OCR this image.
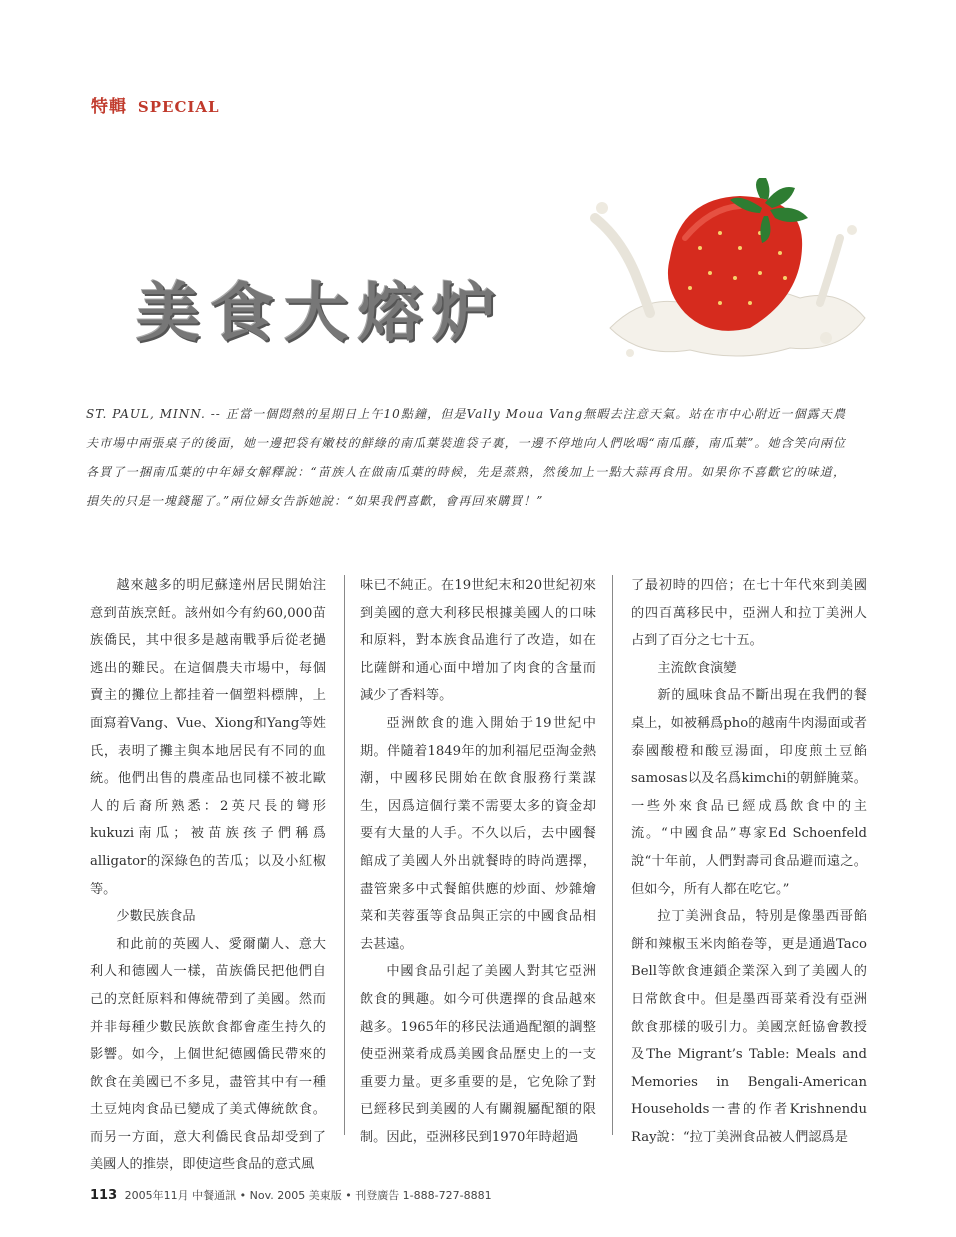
特輯 SPECIAL
美食大熔炉

ST. PAUL, MINN. -- 正當一個悶熱的星期日上午10點鐘，但是Vally Moua Vang無暇去注意天氣。站在市中心附近一個露天農夫市場中兩張桌子的後面，她一邊把袋有嫩枝的鮮綠的南瓜葉裝進袋子裏，一邊不停地向人們吆喝“南瓜藤，南瓜葉”。她含笑向兩位各買了一捆南瓜葉的中年婦女解釋說：“苗族人在做南瓜葉的時候，先是蒸熟，然後加上一點大蒜再食用。如果你不喜歡它的味道，損失的只是一塊錢罷了。”兩位婦女告訴她說：“如果我們喜歡，會再回來購買！”

越來越多的明尼蘇達州居民開始注意到苗族烹飪。該州如今有約60,000苗族僑民，其中很多是越南戰爭后從老撾逃出的難民。在這個農夫市場中，每個賣主的攤位上都挂着一個塑料標牌，上面寫着Vang、Vue、Xiong和Yang等姓氏，表明了攤主與本地居民有不同的血統。他們出售的農產品也同樣不被北歐人的后裔所熟悉：2英尺長的彎形kukuzi南瓜；被苗族孩子們稱爲alligator的深綠色的苦瓜；以及小紅椒等。

少數民族食品

和此前的英國人、愛爾蘭人、意大利人和德國人一樣，苗族僑民把他們自己的烹飪原料和傳統帶到了美國。然而并非每種少數民族飲食都會產生持久的影響。如今，上個世紀德國僑民帶來的飲食在美國已不多見，盡管其中有一種土豆炖肉食品已變成了美式傳統飲食。而另一方面，意大利僑民食品却受到了美國人的推崇，即使這些食品的意式風

味已不純正。在19世紀末和20世紀初來到美國的意大利移民根據美國人的口味和原料，對本族食品進行了改造，如在比薩餅和通心面中增加了肉食的含量而減少了香料等。

亞洲飲食的進入開始于19世紀中期。伴隨着1849年的加利福尼亞淘金熱潮，中國移民開始在飲食服務行業謀生，因爲這個行業不需要太多的資金却要有大量的人手。不久以后，去中國餐館成了美國人外出就餐時的時尚選擇，盡管衆多中式餐館供應的炒面、炒雜燴菜和芙蓉蛋等食品與正宗的中國食品相去甚遠。

中國食品引起了美國人對其它亞洲飲食的興趣。如今可供選擇的食品越來越多。1965年的移民法通過配額的調整使亞洲菜肴成爲美國食品歷史上的一支重要力量。更多重要的是，它免除了對已經移民到美國的人有關親屬配額的限制。因此，亞洲移民到1970年時超過

了最初時的四倍；在七十年代來到美國的四百萬移民中，亞洲人和拉丁美洲人占到了百分之七十五。

主流飲食演變

新的風味食品不斷出現在我們的餐桌上，如被稱爲pho的越南牛肉湯面或者泰國酸橙和酸豆湯面，印度煎土豆餡samosas以及名爲kimchi的朝鮮腌菜。一些外來食品已經成爲飲食中的主流。“中國食品”專家Ed Schoenfeld說“十年前，人們對壽司食品避而遠之。但如今，所有人都在吃它。”

拉丁美洲食品，特別是像墨西哥餡餅和辣椒玉米肉餡卷等，更是通過Taco Bell等飲食連鎖企業深入到了美國人的日常飲食中。但是墨西哥菜肴没有亞洲飲食那樣的吸引力。美國烹飪協會教授及The Migrant’s Table: Meals and Memories in Bengali-American Households一書的作者Krishnendu Ray說：“拉丁美洲食品被人們認爲是

113 2005年11月 中餐通訊 • Nov. 2005 美東版 • 刊登廣告 1-888-727-8881
